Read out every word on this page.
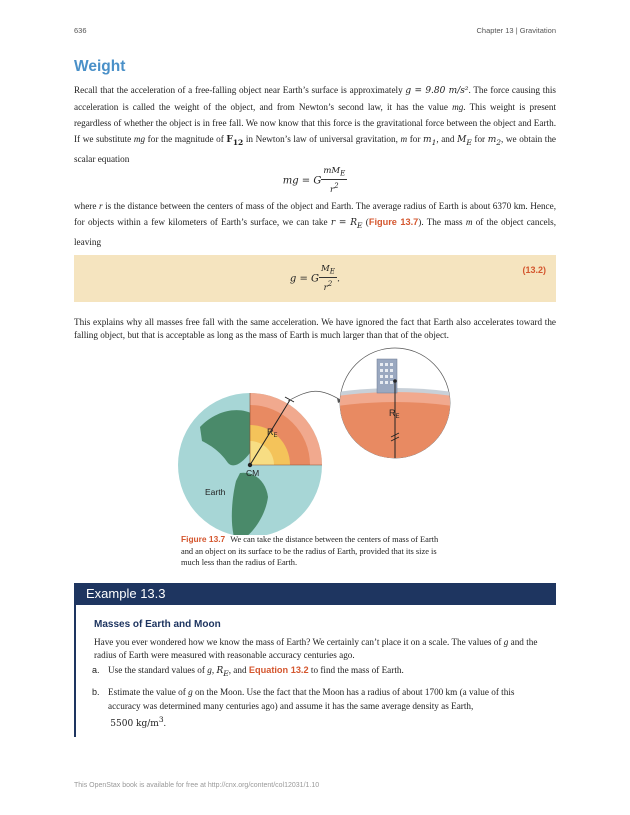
636	Chapter 13 | Gravitation
Weight

Recall that the acceleration of a free-falling object near Earth’s surface is approximately g = 9.80 m/s². The force causing this acceleration is called the weight of the object, and from Newton’s second law, it has the value mg. This weight is present regardless of whether the object is in free fall. We now know that this force is the gravitational force between the object and Earth. If we substitute mg for the magnitude of $F_{12}$ in Newton’s law of universal gravitation, m for $m_1$, and $M_E$ for $m_2$, we obtain the scalar equation

mg = G $\frac{mM_E}{r^2}$

where r is the distance between the centers of mass of the object and Earth. The average radius of Earth is about 6370 km. Hence, for objects within a few kilometers of Earth’s surface, we can take $r = R_E$ (Figure 13.7). The mass m of the object cancels, leaving

g = G $\frac{M_E}{r^2}$ .
(13.2)

This explains why all masses free fall with the same acceleration. We have ignored the fact that Earth also accelerates toward the falling object, but that is acceptable as long as the mass of Earth is much larger than that of the object.

$R_E$
CM
Earth
$R_E$
Figure 13.7 We can take the distance between the centers of mass of Earth and an object on its surface to be the radius of Earth, provided that its size is much less than the radius of Earth.
Example 13.3
Masses of Earth and Moon

Have you ever wondered how we know the mass of Earth? We certainly can’t place it on a scale. The values of g and the radius of Earth were measured with reasonable accuracy centuries ago.

a. Use the standard values of g, $R_E$, and Equation 13.2 to find the mass of Earth.
b. Estimate the value of g on the Moon. Use the fact that the Moon has a radius of about 1700 km (a value of this accuracy was determined many centuries ago) and assume it has the same average density as Earth,
5500 $kg/m^3$.
This OpenStax book is available for free at http://cnx.org/content/col12031/1.10
